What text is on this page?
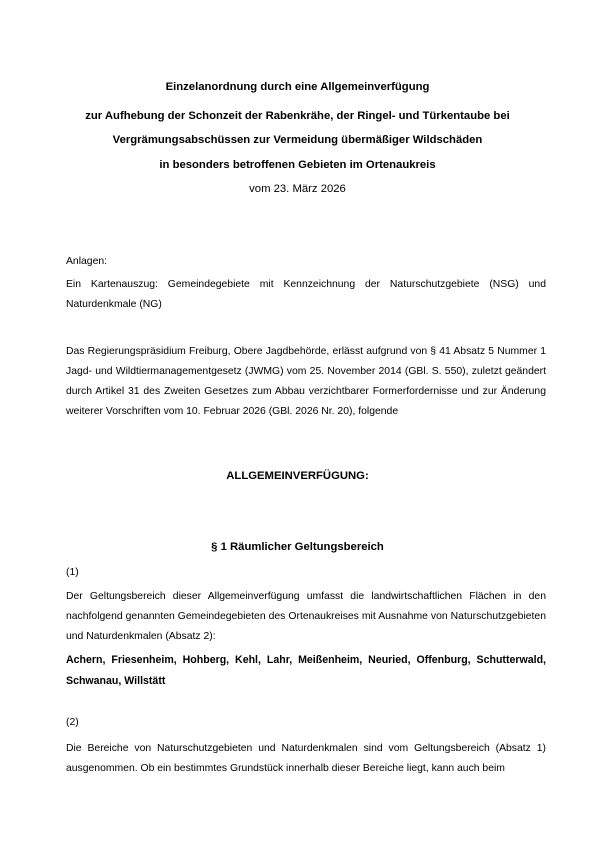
Einzelanordnung durch eine Allgemeinverfügung
zur Aufhebung der Schonzeit der Rabenkrähe, der Ringel- und Türkentaube bei
Vergrämungsabschüssen zur Vermeidung übermäßiger Wildschäden
in besonders betroffenen Gebieten im Ortenaukreis
vom 23. März 2026
Anlagen:
Ein Kartenauszug: Gemeindegebiete mit Kennzeichnung der Naturschutzgebiete (NSG) und Naturdenkmale (NG)
Das Regierungspräsidium Freiburg, Obere Jagdbehörde, erlässt aufgrund von § 41 Absatz 5 Nummer 1 Jagd- und Wildtiermanagementgesetz (JWMG) vom 25. November 2014 (GBl. S. 550), zuletzt geändert durch Artikel 31 des Zweiten Gesetzes zum Abbau verzichtbarer Formerfordernisse und zur Änderung weiterer Vorschriften vom 10. Februar 2026 (GBl. 2026 Nr. 20), folgende
ALLGEMEINVERFÜGUNG:
§ 1 Räumlicher Geltungsbereich
(1)
Der Geltungsbereich dieser Allgemeinverfügung umfasst die landwirtschaftlichen Flächen in den nachfolgend genannten Gemeindegebieten des Ortenaukreises mit Ausnahme von Naturschutzgebieten und Naturdenkmalen (Absatz 2):
Achern, Friesenheim, Hohberg, Kehl, Lahr, Meißenheim, Neuried, Offenburg, Schutterwald, Schwanau, Willstätt
(2)
Die Bereiche von Naturschutzgebieten und Naturdenkmalen sind vom Geltungsbereich (Absatz 1) ausgenommen. Ob ein bestimmtes Grundstück innerhalb dieser Bereiche liegt, kann auch beim
